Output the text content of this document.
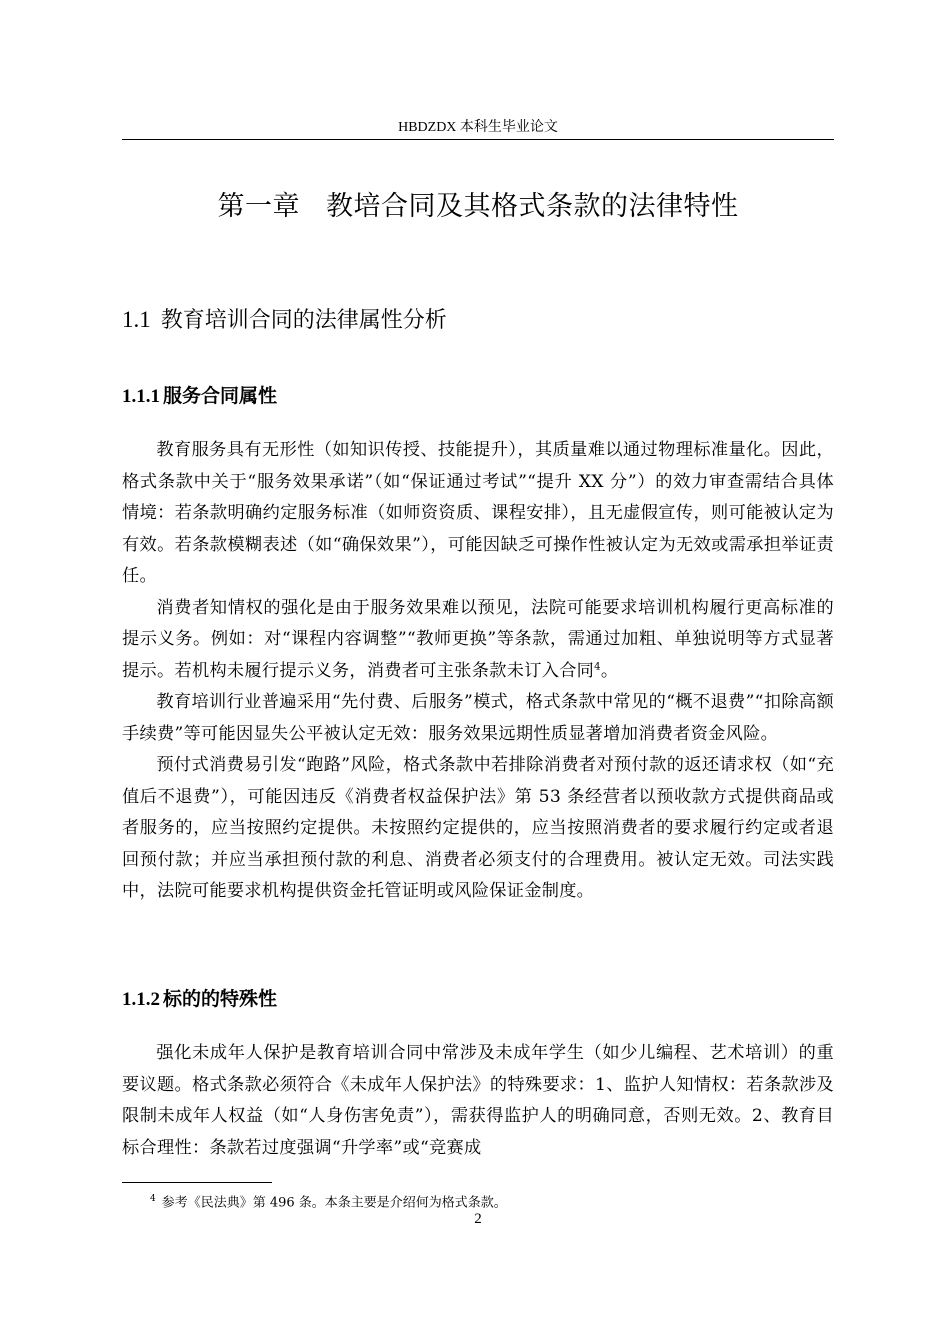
HBDZDX 本科生毕业论文
第一章 教培合同及其格式条款的法律特性
1.1 教育培训合同的法律属性分析
1.1.1 服务合同属性

教育服务具有无形性（如知识传授、技能提升），其质量难以通过物理标准量化。因此，格式条款中关于“服务效果承诺”（如“保证通过考试”“提升 XX 分”）的效力审查需结合具体情境：若条款明确约定服务标准（如师资资质、课程安排），且无虚假宣传，则可能被认定为有效。若条款模糊表述（如“确保效果”），可能因缺乏可操作性被认定为无效或需承担举证责任。

消费者知情权的强化是由于服务效果难以预见，法院可能要求培训机构履行更高标准的提示义务。例如：对“课程内容调整”“教师更换”等条款，需通过加粗、单独说明等方式显著提示。若机构未履行提示义务，消费者可主张条款未订入合同$^4$。

教育培训行业普遍采用“先付费、后服务”模式，格式条款中常见的“概不退费”“扣除高额手续费”等可能因显失公平被认定无效：服务效果远期性质显著增加消费者资金风险。

预付式消费易引发“跑路”风险，格式条款中若排除消费者对预付款的返还请求权（如“充值后不退费”），可能因违反《消费者权益保护法》第 53 条经营者以预收款方式提供商品或者服务的，应当按照约定提供。未按照约定提供的，应当按照消费者的要求履行约定或者退回预付款；并应当承担预付款的利息、消费者必须支付的合理费用。被认定无效。司法实践中，法院可能要求机构提供资金托管证明或风险保证金制度。

1.1.2 标的的特殊性

强化未成年人保护是教育培训合同中常涉及未成年学生（如少儿编程、艺术培训）的重要议题。格式条款必须符合《未成年人保护法》的特殊要求：1、监护人知情权：若条款涉及限制未成年人权益（如“人身伤害免责”），需获得监护人的明确同意，否则无效。2、教育目标合理性：条款若过度强调“升学率”或“竞赛成

$^4$ 参考《民法典》第 496 条。本条主要是介绍何为格式条款。
2
